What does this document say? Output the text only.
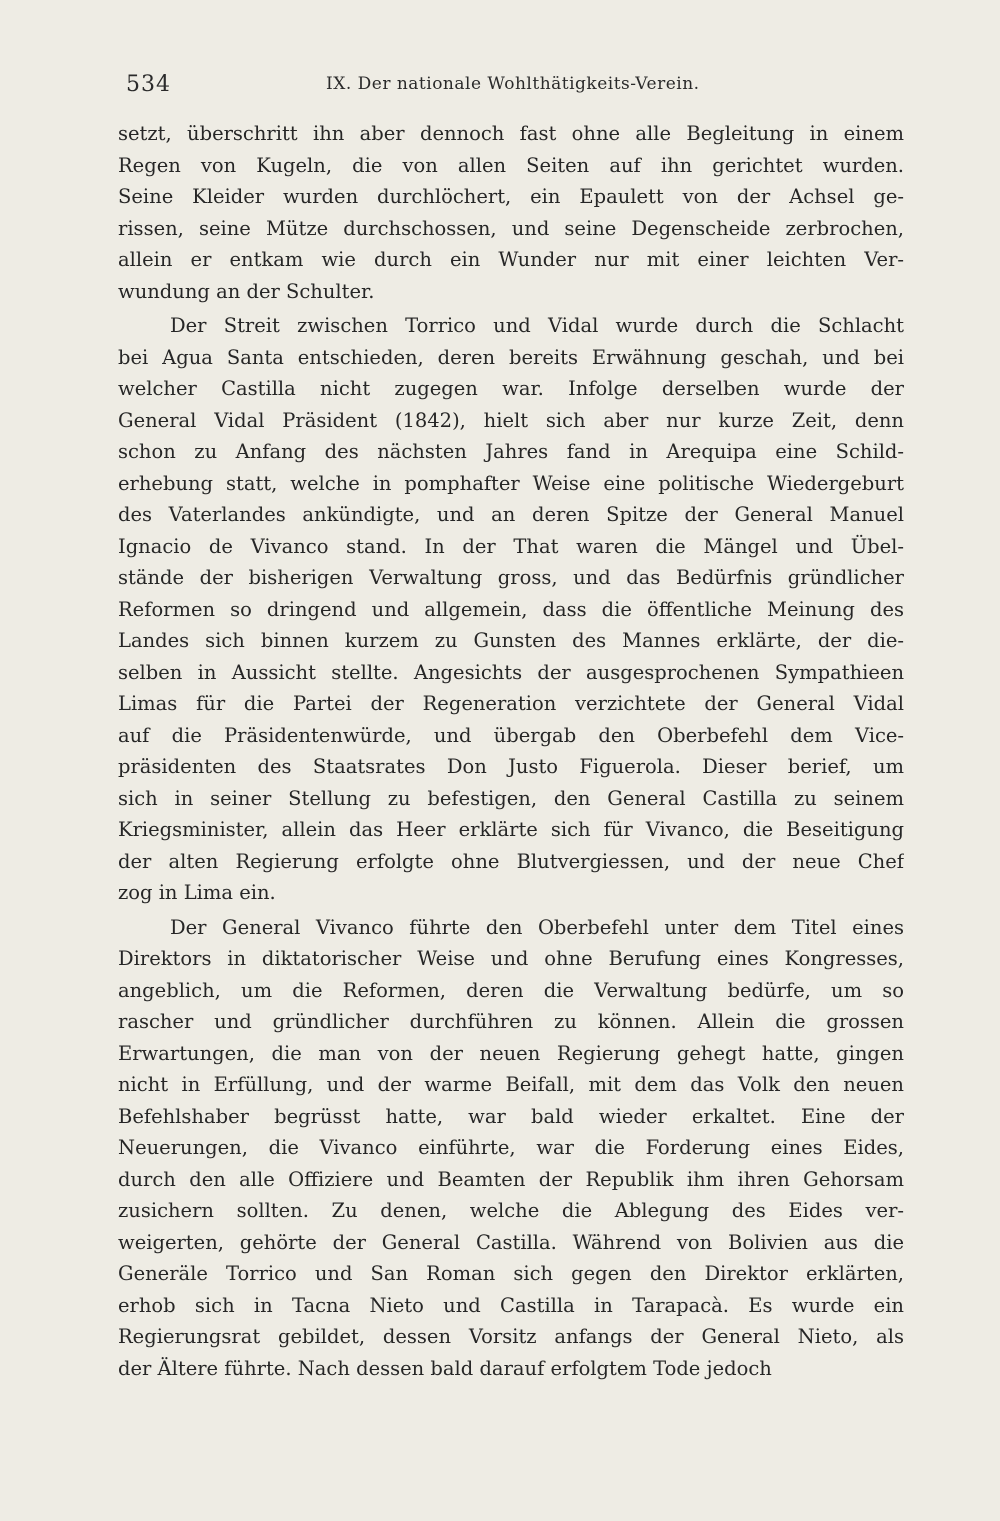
534	IX. Der nationale Wohlthätigkeits-Verein.
setzt, überschritt ihn aber dennoch fast ohne alle Begleitung in einem
Regen von Kugeln, die von allen Seiten auf ihn gerichtet wurden.
Seine Kleider wurden durchlöchert, ein Epaulett von der Achsel ge-
rissen, seine Mütze durchschossen, und seine Degenscheide zerbrochen,
allein er entkam wie durch ein Wunder nur mit einer leichten Ver-
wundung an der Schulter.
Der Streit zwischen Torrico und Vidal wurde durch die Schlacht
bei Agua Santa entschieden, deren bereits Erwähnung geschah, und bei
welcher Castilla nicht zugegen war. Infolge derselben wurde der
General Vidal Präsident (1842), hielt sich aber nur kurze Zeit, denn
schon zu Anfang des nächsten Jahres fand in Arequipa eine Schild-
erhebung statt, welche in pomphafter Weise eine politische Wiedergeburt
des Vaterlandes ankündigte, und an deren Spitze der General Manuel
Ignacio de Vivanco stand. In der That waren die Mängel und Übel-
stände der bisherigen Verwaltung gross, und das Bedürfnis gründlicher
Reformen so dringend und allgemein, dass die öffentliche Meinung des
Landes sich binnen kurzem zu Gunsten des Mannes erklärte, der die-
selben in Aussicht stellte. Angesichts der ausgesprochenen Sympathieen
Limas für die Partei der Regeneration verzichtete der General Vidal
auf die Präsidentenwürde, und übergab den Oberbefehl dem Vice-
präsidenten des Staatsrates Don Justo Figuerola. Dieser berief, um
sich in seiner Stellung zu befestigen, den General Castilla zu seinem
Kriegsminister, allein das Heer erklärte sich für Vivanco, die Beseitigung
der alten Regierung erfolgte ohne Blutvergiessen, und der neue Chef
zog in Lima ein.
Der General Vivanco führte den Oberbefehl unter dem Titel eines
Direktors in diktatorischer Weise und ohne Berufung eines Kongresses,
angeblich, um die Reformen, deren die Verwaltung bedürfe, um so
rascher und gründlicher durchführen zu können. Allein die grossen
Erwartungen, die man von der neuen Regierung gehegt hatte, gingen
nicht in Erfüllung, und der warme Beifall, mit dem das Volk den neuen
Befehlshaber begrüsst hatte, war bald wieder erkaltet. Eine der
Neuerungen, die Vivanco einführte, war die Forderung eines Eides,
durch den alle Offiziere und Beamten der Republik ihm ihren Gehorsam
zusichern sollten. Zu denen, welche die Ablegung des Eides ver-
weigerten, gehörte der General Castilla. Während von Bolivien aus die
Generäle Torrico und San Roman sich gegen den Direktor erklärten,
erhob sich in Tacna Nieto und Castilla in Tarapacà. Es wurde ein
Regierungsrat gebildet, dessen Vorsitz anfangs der General Nieto, als
der Ältere führte. Nach dessen bald darauf erfolgtem Tode jedoch
